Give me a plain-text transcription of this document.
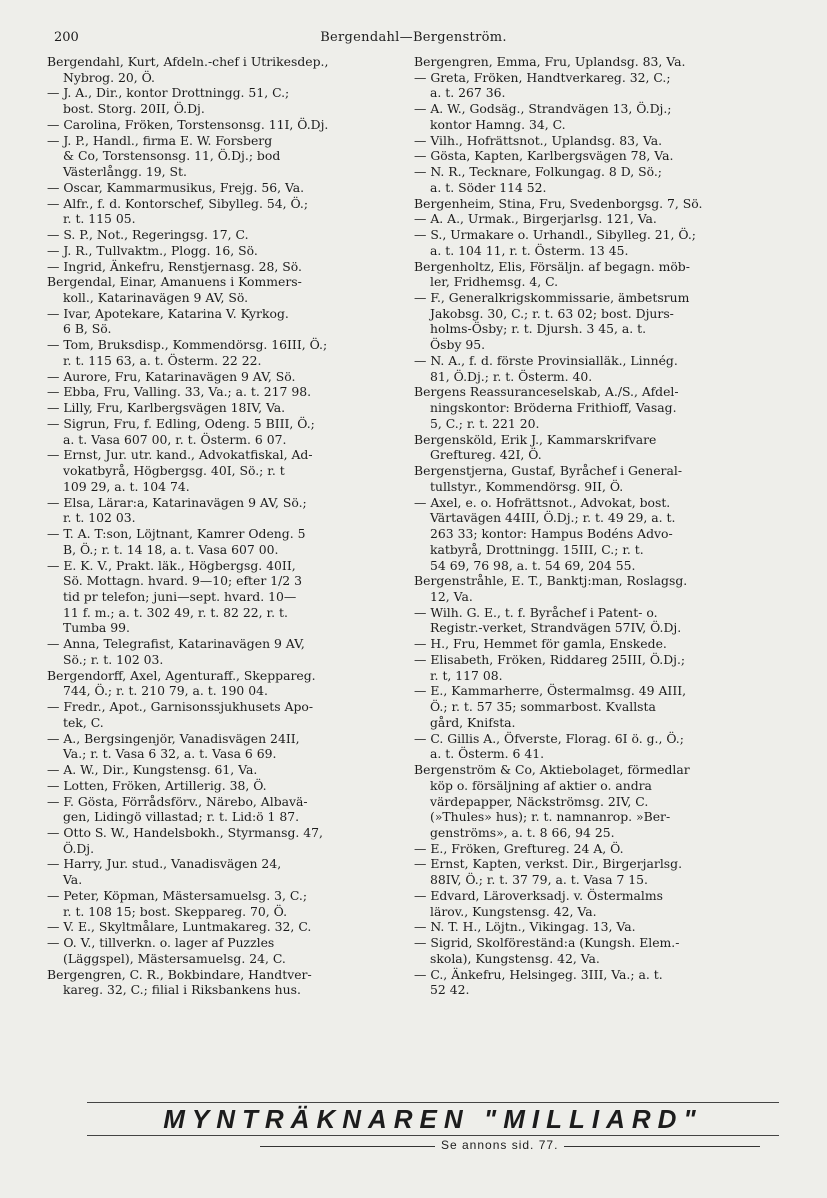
200	Bergendahl—Bergenström.
Bergendahl, Kurt, Afdeln.-chef i Utrikesdep.,
Nybrog. 20, Ö.
— J. A., Dir., kontor Drottningg. 51, C.;
bost. Storg. 20II, Ö.Dj.
— Carolina, Fröken, Torstensonsg. 11I, Ö.Dj.
— J. P., Handl., firma E. W. Forsberg
& Co, Torstensonsg. 11, Ö.Dj.; bod
Västerlångg. 19, St.
— Oscar, Kammarmusikus, Frejg. 56, Va.
— Alfr., f. d. Kontorschef, Sibylleg. 54, Ö.;
r. t. 115 05.
— S. P., Not., Regeringsg. 17, C.
— J. R., Tullvaktm., Plogg. 16, Sö.
— Ingrid, Änkefru, Renstjernasg. 28, Sö.
Bergendal, Einar, Amanuens i Kommers-
koll., Katarinavägen 9 AV, Sö.
— Ivar, Apotekare, Katarina V. Kyrkog.
6 B, Sö.
— Tom, Bruksdisp., Kommendörsg. 16III, Ö.;
r. t. 115 63, a. t. Österm. 22 22.
— Aurore, Fru, Katarinavägen 9 AV, Sö.
— Ebba, Fru, Valling. 33, Va.; a. t. 217 98.
— Lilly, Fru, Karlbergsvägen 18IV, Va.
— Sigrun, Fru, f. Edling, Odeng. 5 BIII, Ö.;
a. t. Vasa 607 00, r. t. Österm. 6 07.
— Ernst, Jur. utr. kand., Advokatfiskal, Ad-
vokatbyrå, Högbergsg. 40I, Sö.; r. t
109 29, a. t. 104 74.
— Elsa, Lärar:a, Katarinavägen 9 AV, Sö.;
r. t. 102 03.
— T. A. T:son, Löjtnant, Kamrer Odeng. 5
B, Ö.; r. t. 14 18, a. t. Vasa 607 00.
— E. K. V., Prakt. läk., Högbergsg. 40II,
Sö. Mottagn. hvard. 9—10; efter 1/2 3
tid pr telefon; juni—sept. hvard. 10—
11 f. m.; a. t. 302 49, r. t. 82 22, r. t.
Tumba 99.
— Anna, Telegrafist, Katarinavägen 9 AV,
Sö.; r. t. 102 03.
Bergendorff, Axel, Agenturaff., Skeppareg.
744, Ö.; r. t. 210 79, a. t. 190 04.
— Fredr., Apot., Garnisonssjukhusets Apo-
tek, C.
— A., Bergsingenjör, Vanadisvägen 24II,
Va.; r. t. Vasa 6 32, a. t. Vasa 6 69.
— A. W., Dir., Kungstensg. 61, Va.
— Lotten, Fröken, Artillerig. 38, Ö.
— F. Gösta, Förrådsförv., Närebo, Albavä-
gen, Lidingö villastad; r. t. Lid:ö 1 87.
— Otto S. W., Handelsbokh., Styrmansg. 47,
Ö.Dj.
— Harry, Jur. stud., Vanadisvägen 24,
Va.
— Peter, Köpman, Mästersamuelsg. 3, C.;
r. t. 108 15; bost. Skeppareg. 70, Ö.
— V. E., Skyltmålare, Luntmakareg. 32, C.
— O. V., tillverkn. o. lager af Puzzles
(Läggspel), Mästersamuelsg. 24, C.
Bergengren, C. R., Bokbindare, Handtver-
kareg. 32, C.; filial i Riksbankens hus.
Bergengren, Emma, Fru, Uplandsg. 83, Va.
— Greta, Fröken, Handtverkareg. 32, C.;
a. t. 267 36.
— A. W., Godsäg., Strandvägen 13, Ö.Dj.;
kontor Hamng. 34, C.
— Vilh., Hofrättsnot., Uplandsg. 83, Va.
— Gösta, Kapten, Karlbergsvägen 78, Va.
— N. R., Tecknare, Folkungag. 8 D, Sö.;
a. t. Söder 114 52.
Bergenheim, Stina, Fru, Svedenborgsg. 7, Sö.
— A. A., Urmak., Birgerjarlsg. 121, Va.
— S., Urmakare o. Urhandl., Sibylleg. 21, Ö.;
a. t. 104 11, r. t. Österm. 13 45.
Bergenholtz, Elis, Försäljn. af begagn. möb-
ler, Fridhemsg. 4, C.
— F., Generalkrigskommissarie, ämbetsrum
Jakobsg. 30, C.; r. t. 63 02; bost. Djurs-
holms-Ösby; r. t. Djursh. 3 45, a. t.
Ösby 95.
— N. A., f. d. förste Provinsialläk., Linnég.
81, Ö.Dj.; r. t. Österm. 40.
Bergens Reassuranceselskab, A./S., Afdel-
ningskontor: Bröderna Frithioff, Vasag.
5, C.; r. t. 221 20.
Bergensköld, Erik J., Kammarskrifvare
Greftureg. 42I, Ö.
Bergenstjerna, Gustaf, Byråchef i General-
tullstyr., Kommendörsg. 9II, Ö.
— Axel, e. o. Hofrättsnot., Advokat, bost.
Värtavägen 44III, Ö.Dj.; r. t. 49 29, a. t.
263 33; kontor: Hampus Bodéns Advo-
katbyrå, Drottningg. 15III, C.; r. t.
54 69, 76 98, a. t. 54 69, 204 55.
Bergenstråhle, E. T., Banktj:man, Roslagsg.
12, Va.
— Wilh. G. E., t. f. Byråchef i Patent- o.
Registr.-verket, Strandvägen 57IV, Ö.Dj.
— H., Fru, Hemmet för gamla, Enskede.
— Elisabeth, Fröken, Riddareg 25III, Ö.Dj.;
r. t, 117 08.
— E., Kammarherre, Östermalmsg. 49 AIII,
Ö.; r. t. 57 35; sommarbost. Kvallsta
gård, Knifsta.
— C. Gillis A., Öfverste, Florag. 6I ö. g., Ö.;
a. t. Österm. 6 41.
Bergenström & Co, Aktiebolaget, förmedlar
köp o. försäljning af aktier o. andra
värdepapper, Näckströmsg. 2IV, C.
(»Thules» hus); r. t. namnanrop. »Ber-
genströms», a. t. 8 66, 94 25.
— E., Fröken, Greftureg. 24 A, Ö.
— Ernst, Kapten, verkst. Dir., Birgerjarlsg.
88IV, Ö.; r. t. 37 79, a. t. Vasa 7 15.
— Edvard, Läroverksadj. v. Östermalms
lärov., Kungstensg. 42, Va.
— N. T. H., Löjtn., Vikingag. 13, Va.
— Sigrid, Skolföreständ:a (Kungsh. Elem.-
skola), Kungstensg. 42, Va.
— C., Änkefru, Helsingeg. 3III, Va.; a. t.
52 42.
MYNTRÄKNAREN "MILLIARD"
Se annons sid. 77.
